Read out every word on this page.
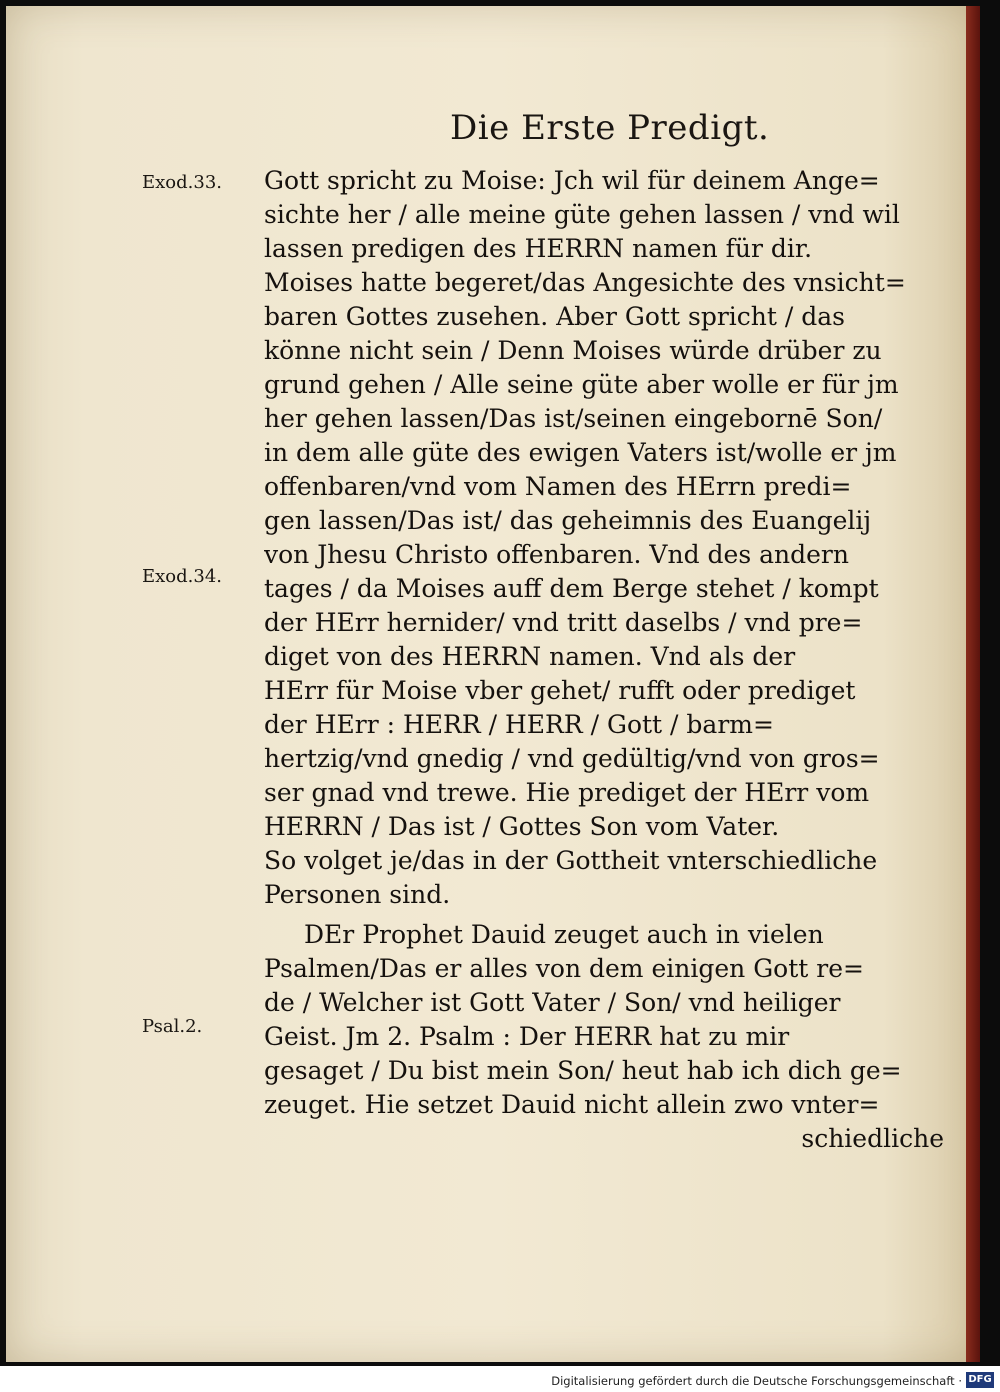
Die Erste Predigt.
Exod.33.
Exod.34.
Psal.2.
Gott spricht zu Moise: Jch wil für deinem Ange=
sichte her / alle meine güte gehen lassen / vnd wil
lassen predigen des HERRN namen für dir.
Moises hatte begeret/das Angesichte des vnsicht=
baren Gottes zusehen. Aber Gott spricht / das
könne nicht sein / Denn Moises würde drüber zu
grund gehen / Alle seine güte aber wolle er für jm
her gehen lassen/Das ist/seinen eingebornē Son/
in dem alle güte des ewigen Vaters ist/wolle er jm
offenbaren/vnd vom Namen des HErrn predi=
gen lassen/Das ist/ das geheimnis des Euangelij
von Jhesu Christo offenbaren. Vnd des andern
tages / da Moises auff dem Berge stehet / kompt
der HErr hernider/ vnd tritt daselbs / vnd pre=
diget von des HERRN namen. Vnd als der
HErr für Moise vber gehet/ rufft oder prediget
der HErr : HERR / HERR / Gott / barm=
hertzig/vnd gnedig / vnd gedültig/vnd von gros=
ser gnad vnd trewe. Hie prediget der HErr vom
HERRN / Das ist / Gottes Son vom Vater.
So volget je/das in der Gottheit vnterschiedliche
Personen sind.
DEr Prophet Dauid zeuget auch in vielen
Psalmen/Das er alles von dem einigen Gott re=
de / Welcher ist Gott Vater / Son/ vnd heiliger
Geist. Jm 2. Psalm : Der HERR hat zu mir
gesaget / Du bist mein Son/ heut hab ich dich ge=
zeuget. Hie setzet Dauid nicht allein zwo vnter=
schiedliche
Digitalisierung gefördert durch die Deutsche Forschungsgemeinschaft · DFG
